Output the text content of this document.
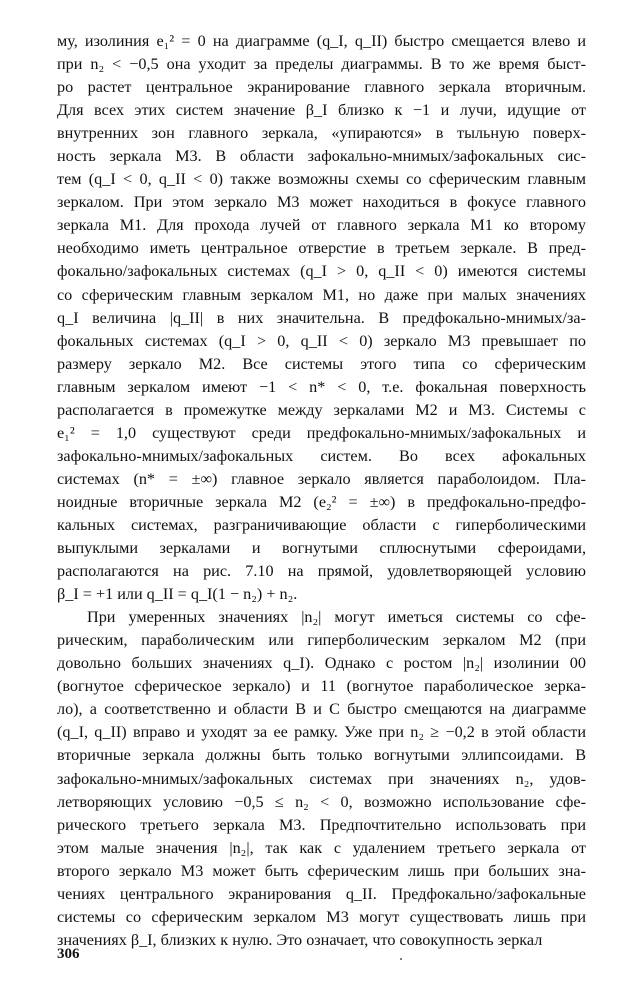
му, изолиния e₁² = 0 на диаграмме (q_I, q_II) быстро смещается влево и
при n₂ < −0,5 она уходит за пределы диаграммы. В то же время быст-
ро растет центральное экранирование главного зеркала вторичным.
Для всех этих систем значение β_I близко к −1 и лучи, идущие от
внутренних зон главного зеркала, «упираются» в тыльную поверх-
ность зеркала М3. В области зафокально-мнимых/зафокальных сис-
тем (q_I < 0, q_II < 0) также возможны схемы со сферическим главным
зеркалом. При этом зеркало М3 может находиться в фокусе главного
зеркала М1. Для прохода лучей от главного зеркала М1 ко второму
необходимо иметь центральное отверстие в третьем зеркале. В пред-
фокально/зафокальных системах (q_I > 0, q_II < 0) имеются системы
со сферическим главным зеркалом М1, но даже при малых значениях
q_I величина |q_II| в них значительна. В предфокально-мнимых/за-
фокальных системах (q_I > 0, q_II < 0) зеркало М3 превышает по
размеру зеркало М2. Все системы этого типа со сферическим
главным зеркалом имеют −1 < n* < 0, т.е. фокальная поверхность
располагается в промежутке между зеркалами М2 и М3. Системы с
e₁² = 1,0 существуют среди предфокально-мнимых/зафокальных и
зафокально-мнимых/зафокальных систем. Во всех афокальных
системах (n* = ±∞) главное зеркало является параболоидом. Пла-
ноидные вторичные зеркала М2 (e₂² = ±∞) в предфокально-предфо-
кальных системах, разграничивающие области с гиперболическими
выпуклыми зеркалами и вогнутыми сплюснутыми сфероидами,
располагаются на рис. 7.10 на прямой, удовлетворяющей условию
β_I = +1 или q_II = q_I(1 − n₂) + n₂.
При умеренных значениях |n₂| могут иметься системы со сфе-
рическим, параболическим или гиперболическим зеркалом М2 (при
довольно больших значениях q_I). Однако с ростом |n₂| изолинии 00
(вогнутое сферическое зеркало) и 11 (вогнутое параболическое зерка-
ло), а соответственно и области B и C быстро смещаются на диаграмме
(q_I, q_II) вправо и уходят за ее рамку. Уже при n₂ ≥ −0,2 в этой области
вторичные зеркала должны быть только вогнутыми эллипсоидами. В
зафокально-мнимых/зафокальных системах при значениях n₂, удов-
летворяющих условию −0,5 ≤ n₂ < 0, возможно использование сфе-
рического третьего зеркала М3. Предпочтительно использовать при
этом малые значения |n₂|, так как с удалением третьего зеркала от
второго зеркало М3 может быть сферическим лишь при больших зна-
чениях центрального экранирования q_II. Предфокально/зафокальные
системы со сферическим зеркалом М3 могут существовать лишь при
значениях β_I, близких к нулю. Это означает, что совокупность зеркал
306
